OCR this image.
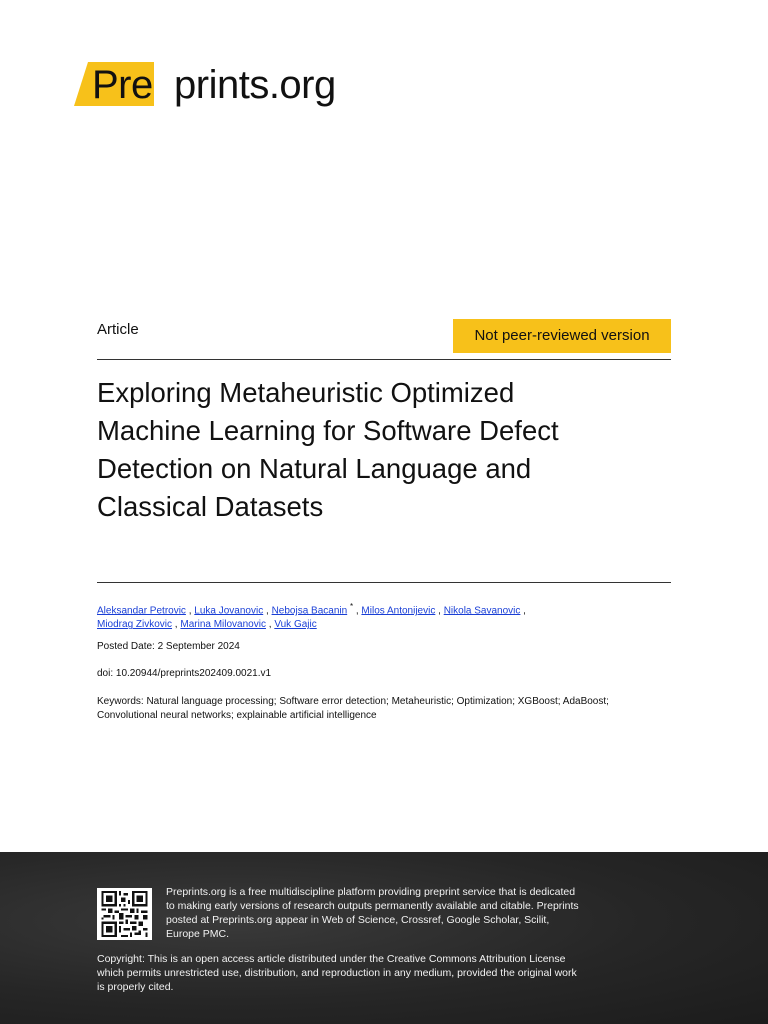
Pre prints.org
Article	Not peer-reviewed version
Exploring Metaheuristic Optimized
Machine Learning for Software Defect
Detection on Natural Language and
Classical Datasets
Aleksandar Petrovic , Luka Jovanovic , Nebojsa Bacanin * , Milos Antonijevic , Nikola Savanovic ,
Miodrag Zivkovic , Marina Milovanovic , Vuk Gajic
Posted Date: 2 September 2024
doi: 10.20944/preprints202409.0021.v1
Keywords: Natural language processing; Software error detection; Metaheuristic; Optimization; XGBoost; AdaBoost; Convolutional neural networks; explainable artificial intelligence
Preprints.org is a free multidiscipline platform providing preprint service that is dedicated to making early versions of research outputs permanently available and citable. Preprints posted at Preprints.org appear in Web of Science, Crossref, Google Scholar, Scilit, Europe PMC.
Copyright: This is an open access article distributed under the Creative Commons Attribution License which permits unrestricted use, distribution, and reproduction in any medium, provided the original work is properly cited.
